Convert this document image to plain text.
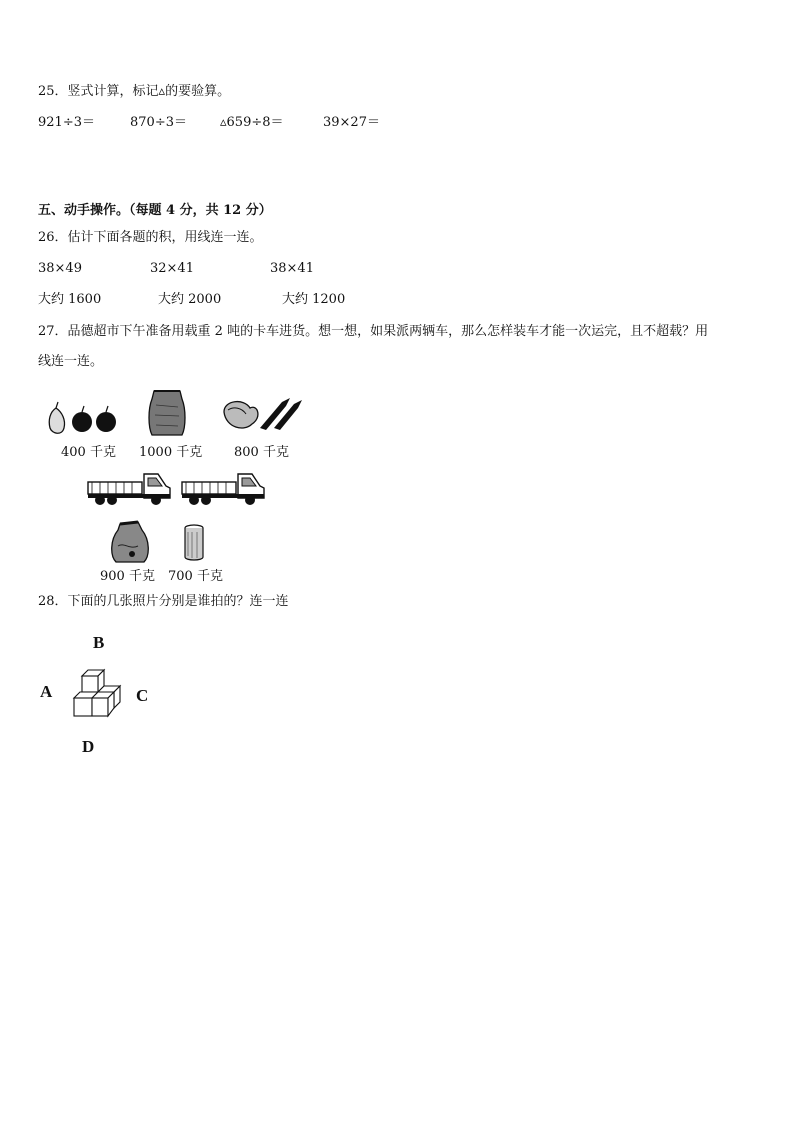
25．竖式计算，标记▵的要验算。
921÷3＝	870÷3＝	▵659÷8＝	39×27＝
五、动手操作。（每题 4 分，共 12 分）
26．估计下面各题的积，用线连一连。
38×49	32×41	38×41
大约 1600	大约 2000	大约 1200
27．品德超市下午准备用载重 2 吨的卡车进货。想一想，如果派两辆车，那么怎样装车才能一次运完，且不超载？用
线连一连。
400 千克 1000 千克 800 千克
900 千克 700 千克
28．下面的几张照片分别是谁拍的？连一连
B
A	C
D
